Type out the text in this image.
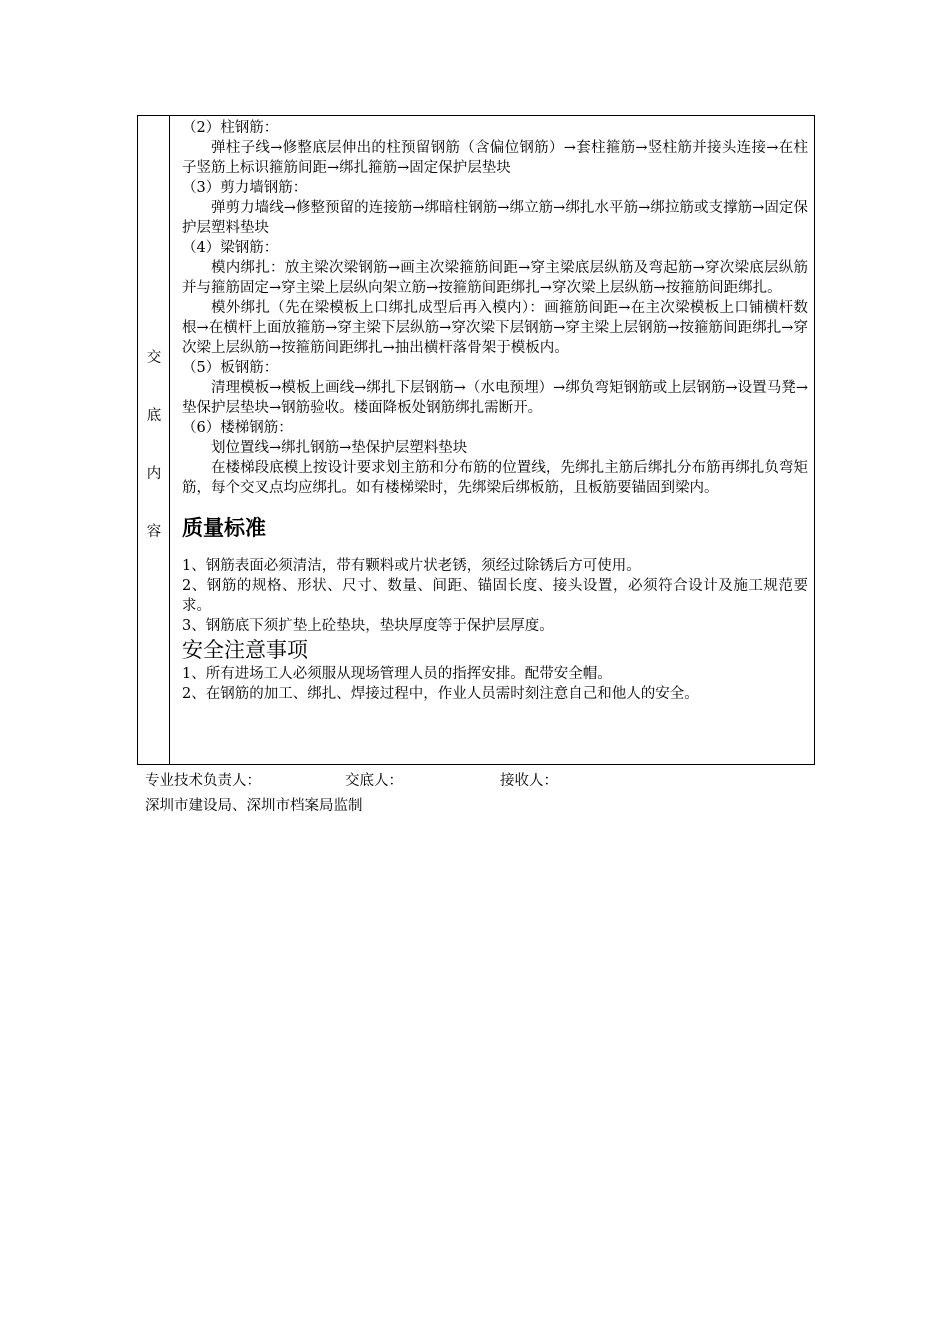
交
底
内
容

（2）柱钢筋：

弹柱子线→修整底层伸出的柱预留钢筋（含偏位钢筋）→套柱箍筋→竖柱筋并接头连接→在柱子竖筋上标识箍筋间距→绑扎箍筋→固定保护层垫块

（3）剪力墙钢筋：

弹剪力墙线→修整预留的连接筋→绑暗柱钢筋→绑立筋→绑扎水平筋→绑拉筋或支撑筋→固定保护层塑料垫块

（4）梁钢筋：

模内绑扎：放主梁次梁钢筋→画主次梁箍筋间距→穿主梁底层纵筋及弯起筋→穿次梁底层纵筋并与箍筋固定→穿主梁上层纵向架立筋→按箍筋间距绑扎→穿次梁上层纵筋→按箍筋间距绑扎。

模外绑扎（先在梁模板上口绑扎成型后再入模内）：画箍筋间距→在主次梁模板上口铺横杆数根→在横杆上面放箍筋→穿主梁下层纵筋→穿次梁下层钢筋→穿主梁上层钢筋→按箍筋间距绑扎→穿次梁上层纵筋→按箍筋间距绑扎→抽出横杆落骨架于模板内。

（5）板钢筋：

清理模板→模板上画线→绑扎下层钢筋→（水电预埋）→绑负弯矩钢筋或上层钢筋→设置马凳→垫保护层垫块→钢筋验收。楼面降板处钢筋绑扎需断开。

（6）楼梯钢筋：

划位置线→绑扎钢筋→垫保护层塑料垫块

在楼梯段底模上按设计要求划主筋和分布筋的位置线，先绑扎主筋后绑扎分布筋再绑扎负弯矩筋，每个交叉点均应绑扎。如有楼梯梁时，先绑梁后绑板筋，且板筋要锚固到梁内。

质量标准

1、钢筋表面必须清洁，带有颗料或片状老锈，须经过除锈后方可使用。

2、钢筋的规格、形状、尺寸、数量、间距、锚固长度、接头设置，必须符合设计及施工规范要求。

3、钢筋底下须扩垫上砼垫块，垫块厚度等于保护层厚度。

安全注意事项

1、所有进场工人必须服从现场管理人员的指挥安排。配带安全帽。

2、在钢筋的加工、绑扎、焊接过程中，作业人员需时刻注意自己和他人的安全。

专业技术负责人：	交底人：	接收人：
深圳市建设局、深圳市档案局监制
